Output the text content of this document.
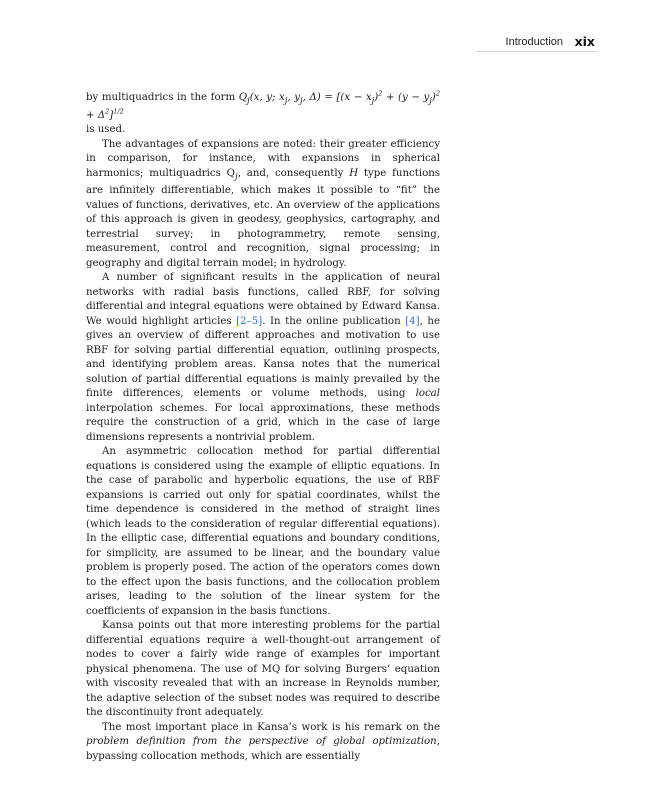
Introduction xix

by multiquadrics in the form $Q_j(x$, y; $x_j$, $y_j$, $\Delta) = [(x - x_j)^2 + (y - y_j)^2 + \Delta^2]^{1/2}$
is used.

The advantages of expansions are noted: their greater efficiency in comparison, for instance, with expansions in spherical harmonics; multiquadrics $Q_j$, and, consequently H type functions are infinitely differentiable, which makes it possible to “fit” the values of functions, derivatives, etc. An overview of the applications of this approach is given in geodesy, geophysics, cartography, and terrestrial survey; in photogrammetry, remote sensing, measurement, control and recognition, signal processing; in geography and digital terrain model; in hydrology.

A number of significant results in the application of neural networks with radial basis functions, called RBF, for solving differential and integral equations were obtained by Edward Kansa. We would highlight articles [2–5]. In the online publication [4], he gives an overview of different approaches and motivation to use RBF for solving partial differential equation, outlining prospects, and identifying problem areas. Kansa notes that the numerical solution of partial differential equations is mainly prevailed by the finite differences, elements or volume methods, using local interpolation schemes. For local approximations, these methods require the construction of a grid, which in the case of large dimensions represents a nontrivial problem.

An asymmetric collocation method for partial differential equations is considered using the example of elliptic equations. In the case of parabolic and hyperbolic equations, the use of RBF expansions is carried out only for spatial coordinates, whilst the time dependence is considered in the method of straight lines (which leads to the consideration of regular differential equations). In the elliptic case, differential equations and boundary conditions, for simplicity, are assumed to be linear, and the boundary value problem is properly posed. The action of the operators comes down to the effect upon the basis functions, and the collocation problem arises, leading to the solution of the linear system for the coefficients of expansion in the basis functions.

Kansa points out that more interesting problems for the partial differential equations require a well-thought-out arrangement of nodes to cover a fairly wide range of examples for important physical phenomena. The use of MQ for solving Burgers’ equation with viscosity revealed that with an increase in Reynolds number, the adaptive selection of the subset nodes was required to describe the discontinuity front adequately.

The most important place in Kansa’s work is his remark on the problem definition from the perspective of global optimization, bypassing collocation methods, which are essentially
